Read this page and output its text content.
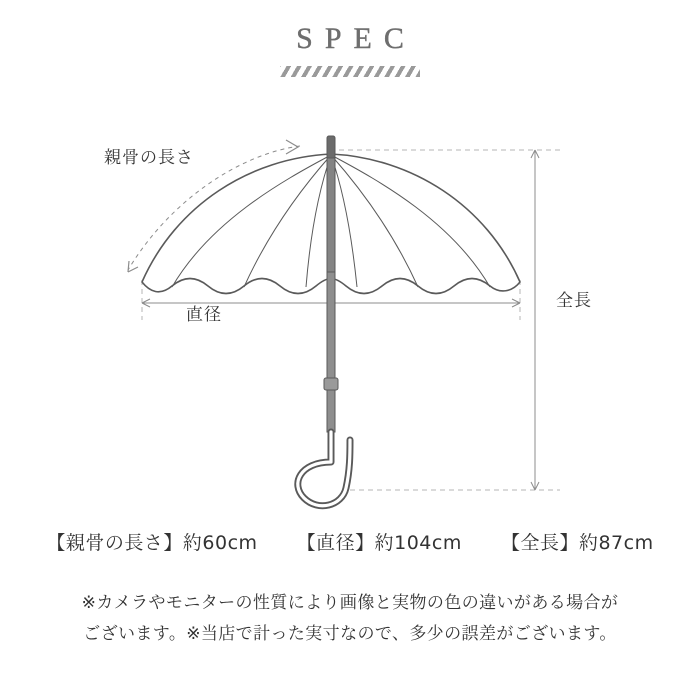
SPEC
親骨の長さ
直径
全長
【親骨の長さ】約60cm 【直径】約104cm 【全長】約87cm
※カメラやモニターの性質により画像と実物の色の違いがある場合が
ございます。※当店で計った実寸なので、多少の誤差がございます。
